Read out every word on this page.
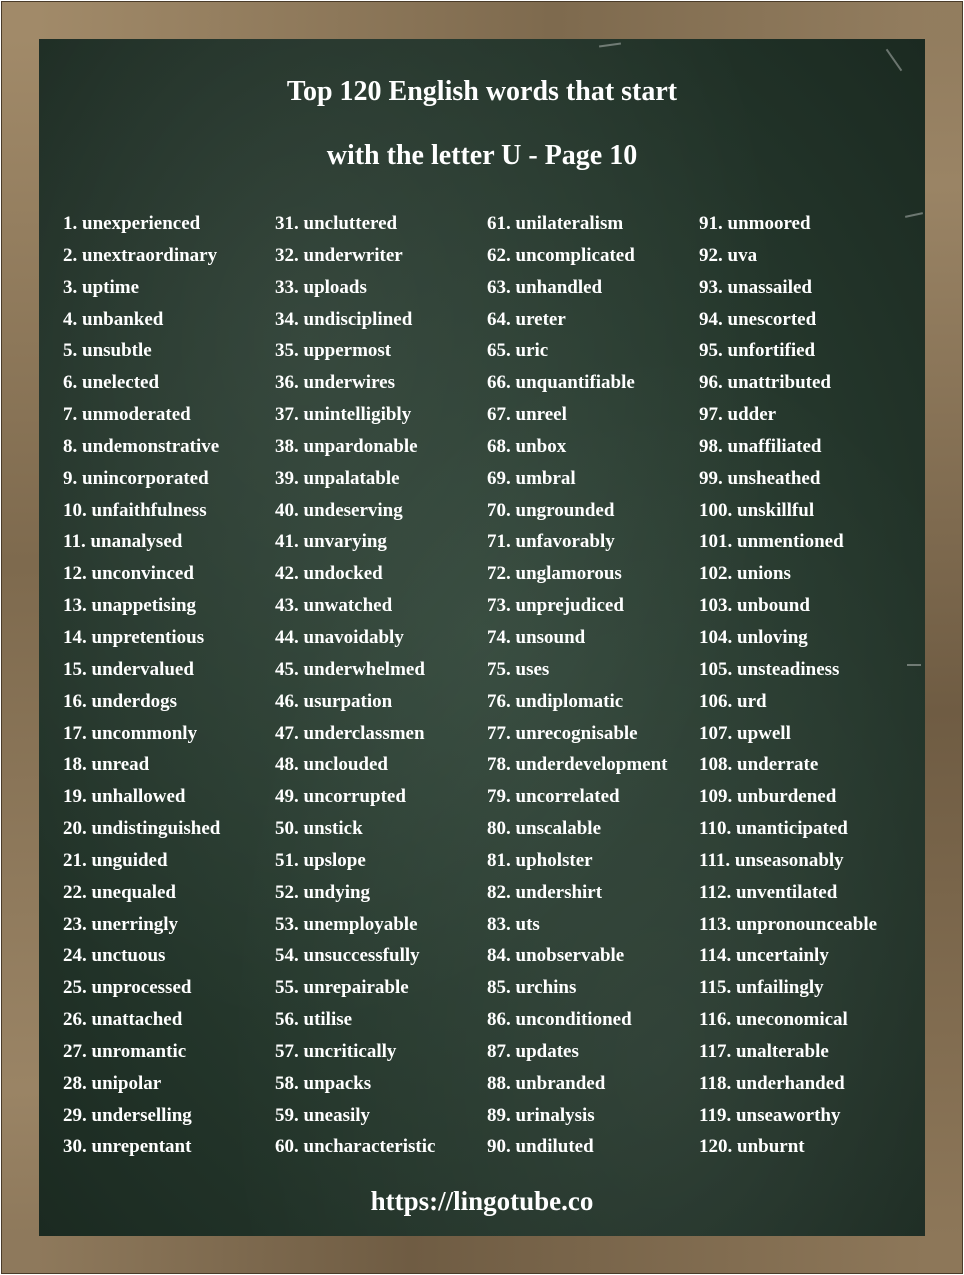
Top 120 English words that start
with the letter U - Page 10
1. unexperienced
2. unextraordinary
3. uptime
4. unbanked
5. unsubtle
6. unelected
7. unmoderated
8. undemonstrative
9. unincorporated
10. unfaithfulness
11. unanalysed
12. unconvinced
13. unappetising
14. unpretentious
15. undervalued
16. underdogs
17. uncommonly
18. unread
19. unhallowed
20. undistinguished
21. unguided
22. unequaled
23. unerringly
24. unctuous
25. unprocessed
26. unattached
27. unromantic
28. unipolar
29. underselling
30. unrepentant
31. uncluttered
32. underwriter
33. uploads
34. undisciplined
35. uppermost
36. underwires
37. unintelligibly
38. unpardonable
39. unpalatable
40. undeserving
41. unvarying
42. undocked
43. unwatched
44. unavoidably
45. underwhelmed
46. usurpation
47. underclassmen
48. unclouded
49. uncorrupted
50. unstick
51. upslope
52. undying
53. unemployable
54. unsuccessfully
55. unrepairable
56. utilise
57. uncritically
58. unpacks
59. uneasily
60. uncharacteristic
61. unilateralism
62. uncomplicated
63. unhandled
64. ureter
65. uric
66. unquantifiable
67. unreel
68. unbox
69. umbral
70. ungrounded
71. unfavorably
72. unglamorous
73. unprejudiced
74. unsound
75. uses
76. undiplomatic
77. unrecognisable
78. underdevelopment
79. uncorrelated
80. unscalable
81. upholster
82. undershirt
83. uts
84. unobservable
85. urchins
86. unconditioned
87. updates
88. unbranded
89. urinalysis
90. undiluted
91. unmoored
92. uva
93. unassailed
94. unescorted
95. unfortified
96. unattributed
97. udder
98. unaffiliated
99. unsheathed
100. unskillful
101. unmentioned
102. unions
103. unbound
104. unloving
105. unsteadiness
106. urd
107. upwell
108. underrate
109. unburdened
110. unanticipated
111. unseasonably
112. unventilated
113. unpronounceable
114. uncertainly
115. unfailingly
116. uneconomical
117. unalterable
118. underhanded
119. unseaworthy
120. unburnt
https://lingotube.co
